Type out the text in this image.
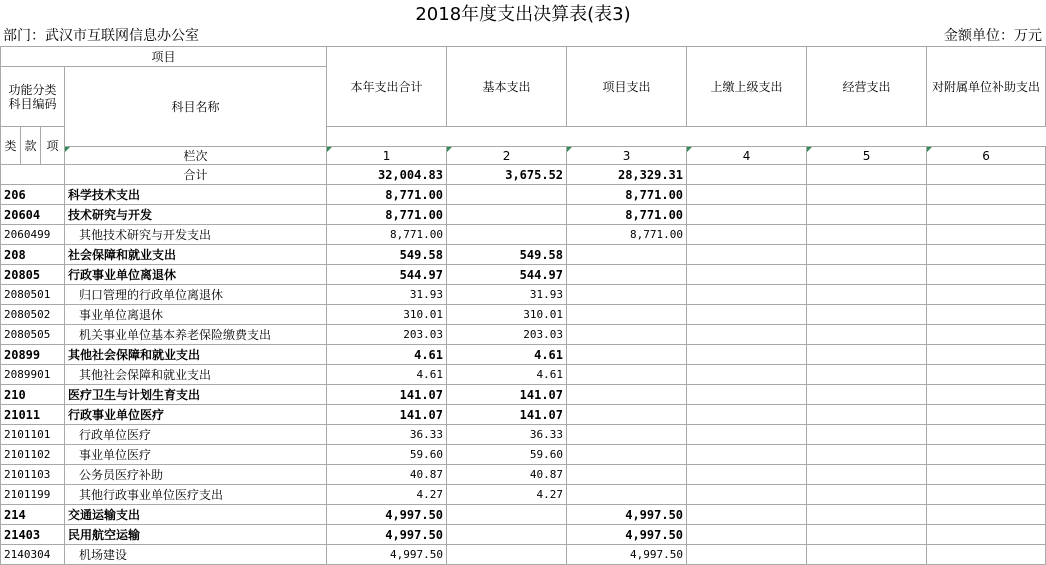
2018年度支出决算表(表3)
部门：武汉市互联网信息办公室	金额单位：万元
项目				本年支出合计	基本支出	项目支出	上缴上级支出	经营支出	对附属单位补助支出
功能分类科目编码			科目名称						

类	款	项							
			栏次	1	2	3	4	5	6
			合计	32,004.83	3,675.52	28,329.31			
206			科学技术支出	8,771.00		8,771.00			
20604			技术研究与开发	8,771.00		8,771.00			
2060499			其他技术研究与开发支出	8,771.00		8,771.00			
208			社会保障和就业支出	549.58	549.58				
20805			行政事业单位离退休	544.97	544.97				
2080501			归口管理的行政单位离退休	31.93	31.93				
2080502			事业单位离退休	310.01	310.01				
2080505			机关事业单位基本养老保险缴费支出	203.03	203.03				
20899			其他社会保障和就业支出	4.61	4.61				
2089901			其他社会保障和就业支出	4.61	4.61				
210			医疗卫生与计划生育支出	141.07	141.07				
21011			行政事业单位医疗	141.07	141.07				
2101101			行政单位医疗	36.33	36.33				
2101102			事业单位医疗	59.60	59.60				
2101103			公务员医疗补助	40.87	40.87				
2101199			其他行政事业单位医疗支出	4.27	4.27				
214			交通运输支出	4,997.50		4,997.50			
21403			民用航空运输	4,997.50		4,997.50			
2140304			机场建设	4,997.50		4,997.50			
